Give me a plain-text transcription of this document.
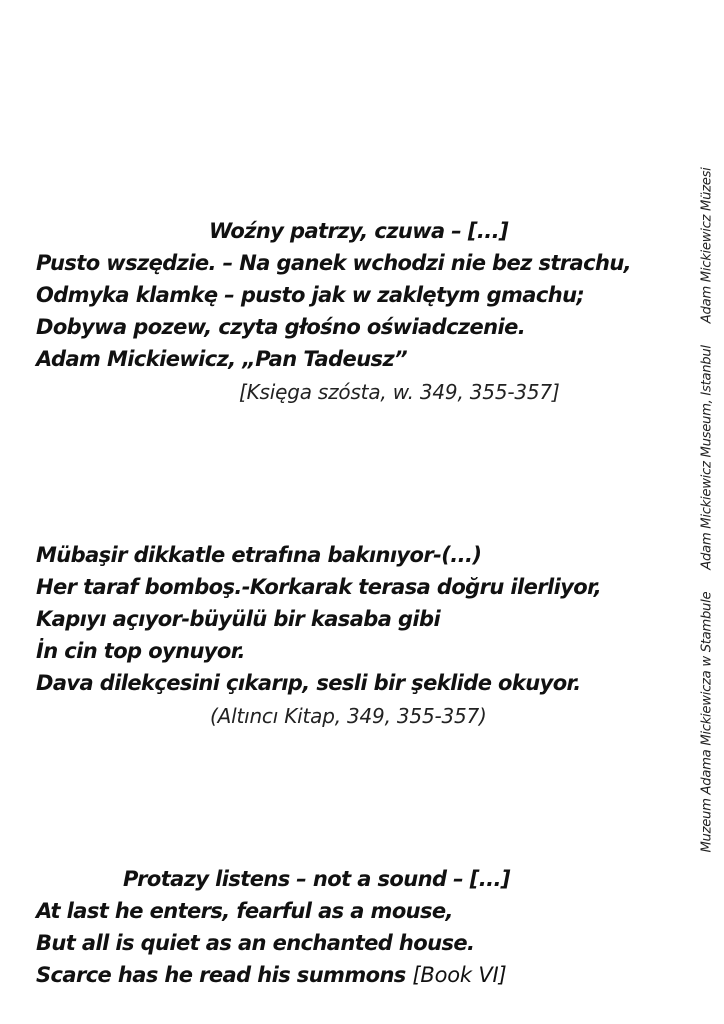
Woźny patrzy, czuwa – [...]
Pusto wszędzie. – Na ganek wchodzi nie bez strachu,
Odmyka klamkę – pusto jak w zaklętym gmachu;
Dobywa pozew, czyta głośno oświadczenie.
Adam Mickiewicz, „Pan Tadeusz”
[Księga szósta, w. 349, 355-357]
Mübaşir dikkatle etrafına bakınıyor-(...)
Her taraf bomboş.-Korkarak terasa doğru ilerliyor,
Kapıyı açıyor-büyülü bir kasaba gibi
İn cin top oynuyor.
Dava dilekçesini çıkarıp, sesli bir şeklide okuyor.
(Altıncı Kitap, 349, 355-357)
Protazy listens – not a sound – [...]
At last he enters, fearful as a mouse,
But all is quiet as an enchanted house.
Scarce has he read his summons [Book VI]
Muzeum Adama Mickiewicza w StambuleAdam Mickiewicz Museum, IstanbulAdam Mickiewicz Müzesi
